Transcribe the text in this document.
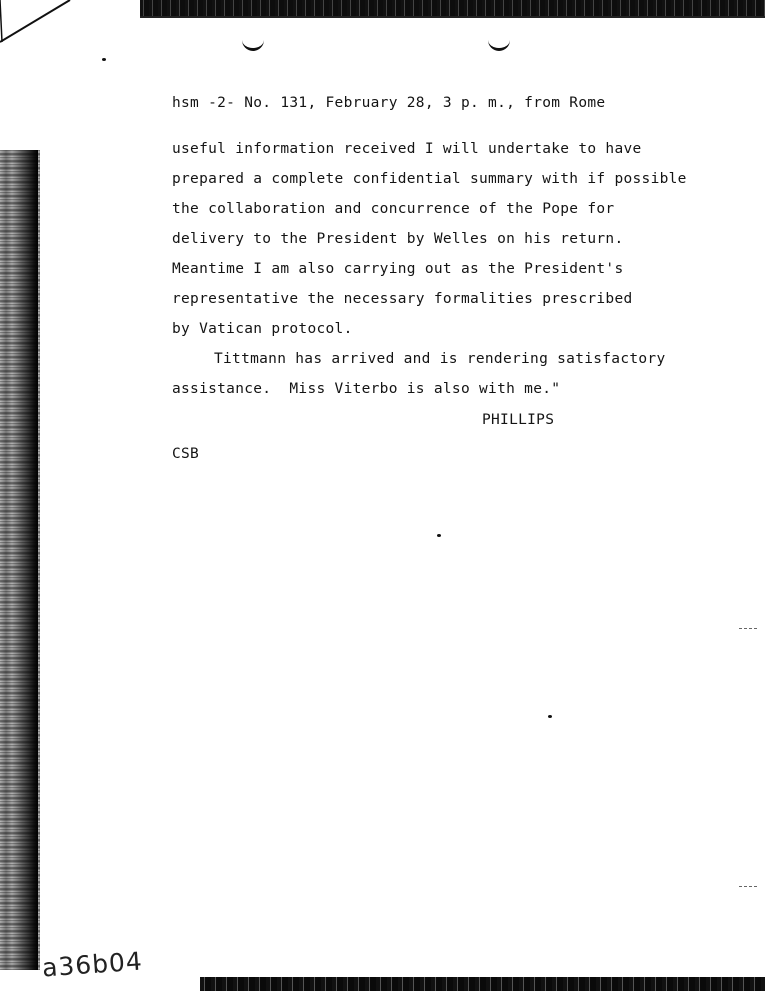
hsm -2- No. 131, February 28, 3 p. m., from Rome
useful information received I will undertake to have
prepared a complete confidential summary with if possible
the collaboration and concurrence of the Pope for
delivery to the President by Welles on his return.
Meantime I am also carrying out as the President's
representative the necessary formalities prescribed
by Vatican protocol.
Tittmann has arrived and is rendering satisfactory
assistance.  Miss Viterbo is also with me."
PHILLIPS
CSB
a36b04
